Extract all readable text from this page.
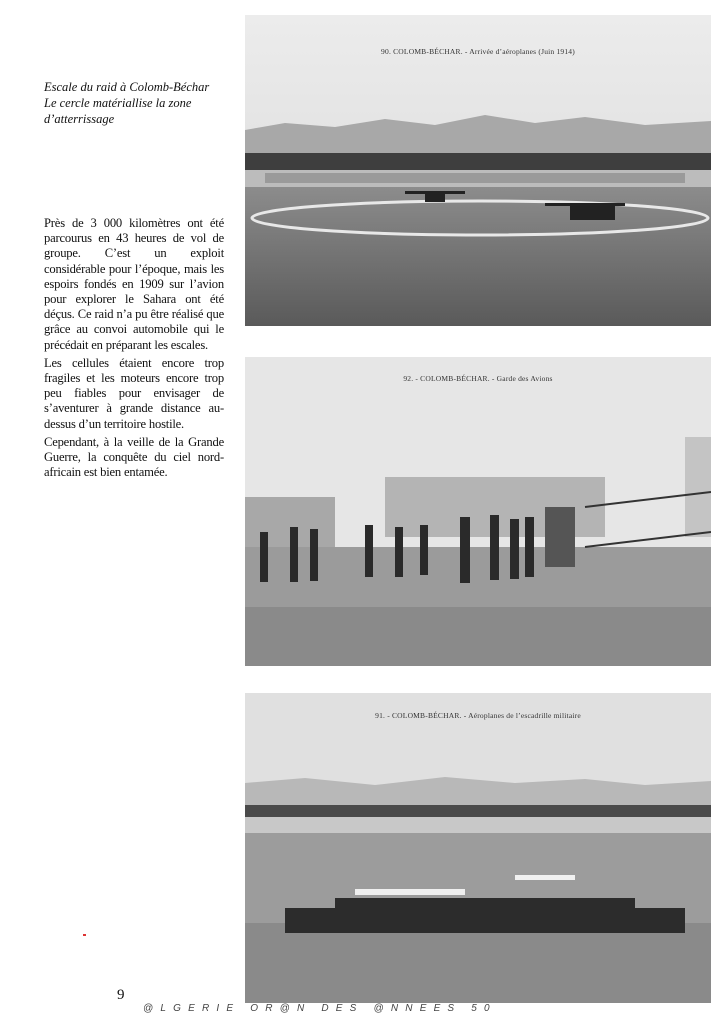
Escale du raid à Colomb-Béchar
Le cercle matériallise la zone d’atterrissage

Près de 3 000 kilomètres ont été parcourus en 43 heures de vol de groupe. C’est un exploit considérable pour l’époque, mais les espoirs fondés en 1909 sur l’avion pour explorer le Sahara ont été déçus. Ce raid n’a pu être réalisé que grâce au convoi automobile qui le précédait en préparant les escales.

Les cellules étaient encore trop fragiles et les moteurs encore trop peu fiables pour envisager de s’aventurer à grande distance au-dessus d’un territoire hostile.

Cependant, à la veille de la Grande Guerre, la conquête du ciel nord-africain est bien entamée.

90. COLOMB-BÉCHAR. - Arrivée d’aéroplanes (Juin 1914)
92. - COLOMB-BÉCHAR. - Garde des Avions
91. - COLOMB-BÉCHAR. - Aéroplanes de l’escadrille militaire
9
@LGERIE OR@N DES @NNEES 50
